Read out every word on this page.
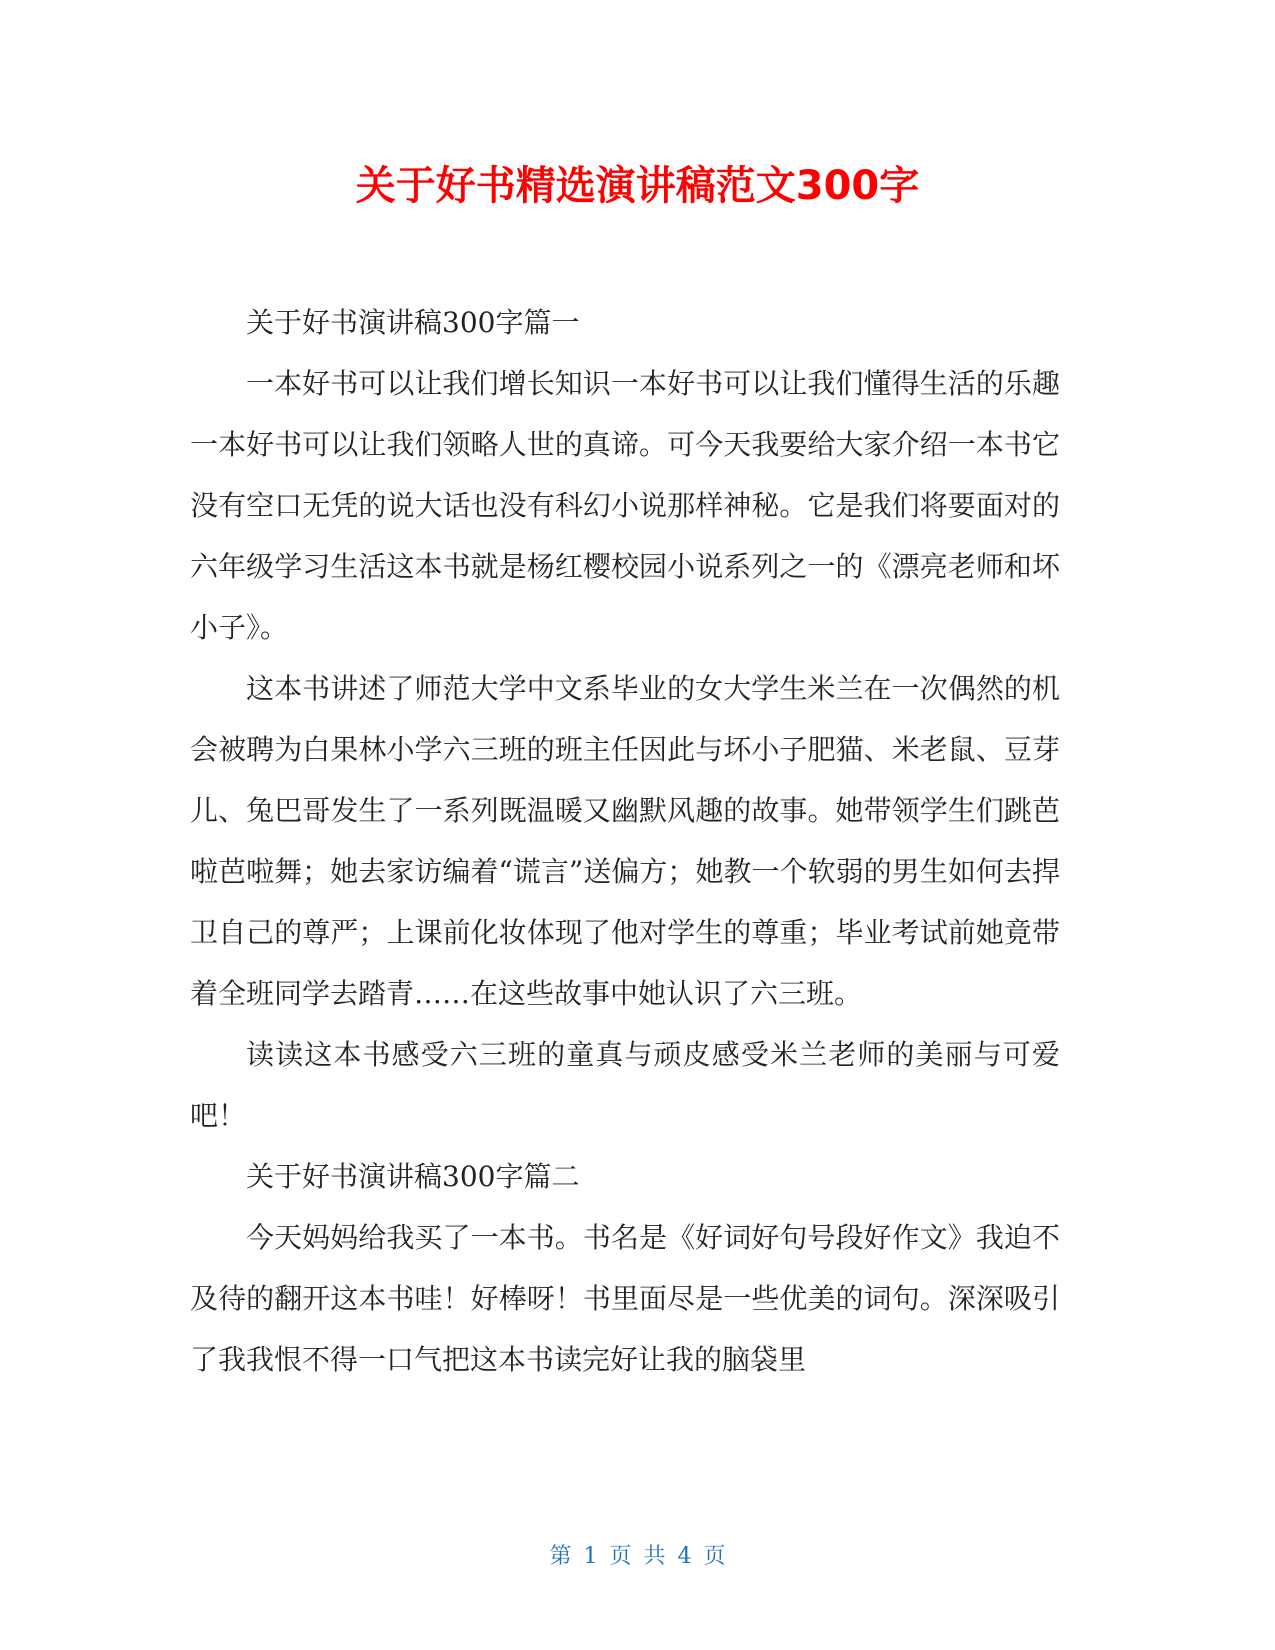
关于好书精选演讲稿范文300字

关于好书演讲稿300字篇一

一本好书可以让我们增长知识一本好书可以让我们懂得生活的乐趣一本好书可以让我们领略人世的真谛。可今天我要给大家介绍一本书它没有空口无凭的说大话也没有科幻小说那样神秘。它是我们将要面对的六年级学习生活这本书就是杨红樱校园小说系列之一的《漂亮老师和坏小子》。

这本书讲述了师范大学中文系毕业的女大学生米兰在一次偶然的机会被聘为白果林小学六三班的班主任因此与坏小子肥猫、米老鼠、豆芽儿、兔巴哥发生了一系列既温暖又幽默风趣的故事。她带领学生们跳芭啦芭啦舞；她去家访编着“谎言”送偏方；她教一个软弱的男生如何去捍卫自己的尊严；上课前化妆体现了他对学生的尊重；毕业考试前她竟带着全班同学去踏青……在这些故事中她认识了六三班。

读读这本书感受六三班的童真与顽皮感受米兰老师的美丽与可爱吧！

关于好书演讲稿300字篇二

今天妈妈给我买了一本书。书名是《好词好句号段好作文》我迫不及待的翻开这本书哇！好棒呀！书里面尽是一些优美的词句。深深吸引了我我恨不得一口气把这本书读完好让我的脑袋里

第 1 页 共 4 页
